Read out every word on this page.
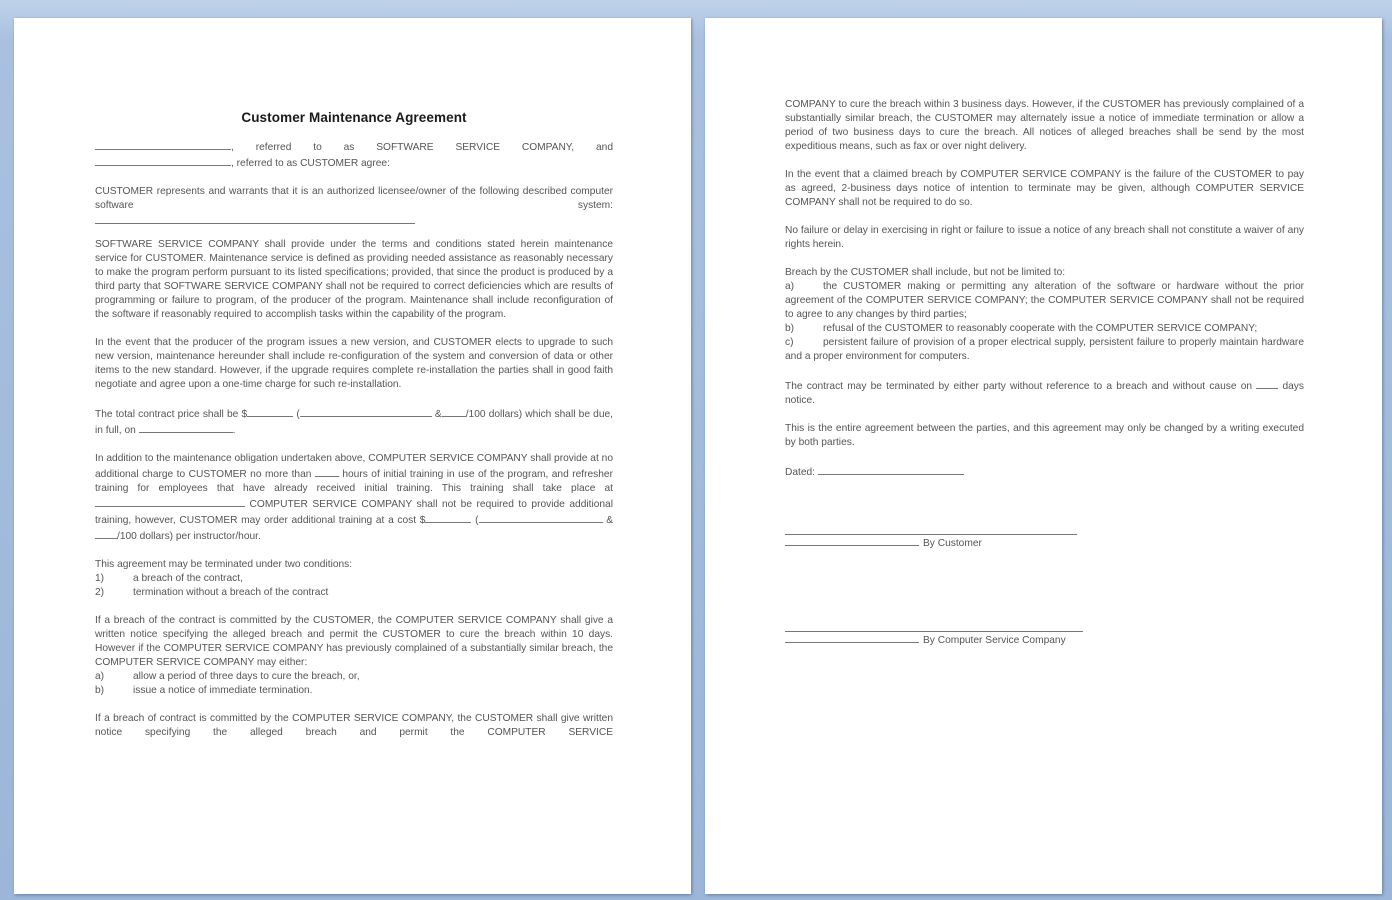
Customer Maintenance Agreement
, referred to as SOFTWARE SERVICE COMPANY, and
, referred to as CUSTOMER agree:
CUSTOMER represents and warrants that it is an authorized licensee/owner of the following described computer software system:
SOFTWARE SERVICE COMPANY shall provide under the terms and conditions stated herein maintenance service for CUSTOMER. Maintenance service is defined as providing needed assistance as reasonably necessary to make the program perform pursuant to its listed specifications; provided, that since the product is produced by a third party that SOFTWARE SERVICE COMPANY shall not be required to correct deficiencies which are results of programming or failure to program, of the producer of the program. Maintenance shall include reconfiguration of the software if reasonably required to accomplish tasks within the capability of the program.
In the event that the producer of the program issues a new version, and CUSTOMER elects to upgrade to such new version, maintenance hereunder shall include re-configuration of the system and conversion of data or other items to the new standard. However, if the upgrade requires complete re-installation the parties shall in good faith negotiate and agree upon a one-time charge for such re-installation.
The total contract price shall be $	(	& /100 dollars) which shall be due, in full, on	.
In addition to the maintenance obligation undertaken above, COMPUTER SERVICE COMPANY shall provide at no additional charge to CUSTOMER no more than	hours of initial training in use of the program, and refresher training for employees that have already received initial training. This training shall take place at  COMPUTER SERVICE COMPANY shall not be required to provide additional training, however, CUSTOMER may order additional training at a cost $	(	&/100 dollars) per instructor/hour.
This agreement may be terminated under two conditions:
1)	a breach of the contract,
2)	termination without a breach of the contract
If a breach of the contract is committed by the CUSTOMER, the COMPUTER SERVICE COMPANY shall give a written notice specifying the alleged breach and permit the CUSTOMER to cure the breach within 10 days. However if the COMPUTER SERVICE COMPANY has previously complained of a substantially similar breach, the COMPUTER SERVICE COMPANY may either:
a)	allow a period of three days to cure the breach, or,
b)	issue a notice of immediate termination.
If a breach of contract is committed by the COMPUTER SERVICE COMPANY, the CUSTOMER shall give written notice specifying the alleged breach and permit the COMPUTER SERVICE
COMPANY to cure the breach within 3 business days. However, if the CUSTOMER has previously complained of a substantially similar breach, the CUSTOMER may alternately issue a notice of immediate termination or allow a period of two business days to cure the breach. All notices of alleged breaches shall be send by the most expeditious means, such as fax or over night delivery.
In the event that a claimed breach by COMPUTER SERVICE COMPANY is the failure of the CUSTOMER to pay as agreed, 2-business days notice of intention to terminate may be given, although COMPUTER SERVICE COMPANY shall not be required to do so.
No failure or delay in exercising in right or failure to issue a notice of any breach shall not constitute a waiver of any rights herein.
Breach by the CUSTOMER shall include, but not be limited to:
a)	the CUSTOMER making or permitting any alteration of the software or hardware without the prior agreement of the COMPUTER SERVICE COMPANY; the COMPUTER SERVICE COMPANY shall not be required to agree to any changes by third parties;
b)	refusal of the CUSTOMER to reasonably cooperate with the COMPUTER SERVICE COMPANY;
c)	persistent failure of provision of a proper electrical supply, persistent failure to properly maintain hardware and a proper environment for computers.
The contract may be terminated by either party without reference to a breach and without cause on	days notice.
This is the entire agreement between the parties, and this agreement may only be changed by a writing executed by both parties.
Dated:
By Customer
By Computer Service Company
